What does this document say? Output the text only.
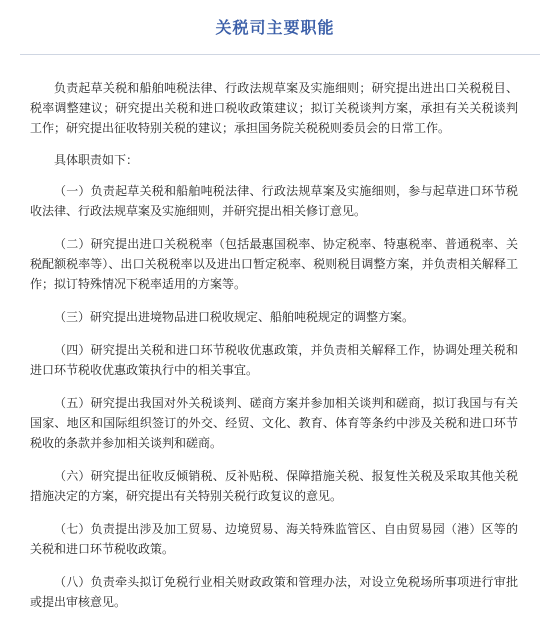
关税司主要职能

负责起草关税和船舶吨税法律、行政法规草案及实施细则；研究提出进出口关税税目、税率调整建议；研究提出关税和进口税收政策建议；拟订关税谈判方案，承担有关关税谈判工作；研究提出征收特别关税的建议；承担国务院关税税则委员会的日常工作。

具体职责如下：

（一）负责起草关税和船舶吨税法律、行政法规草案及实施细则，参与起草进口环节税收法律、行政法规草案及实施细则，并研究提出相关修订意见。

（二）研究提出进口关税税率（包括最惠国税率、协定税率、特惠税率、普通税率、关税配额税率等）、出口关税税率以及进出口暂定税率、税则税目调整方案，并负责相关解释工作；拟订特殊情况下税率适用的方案等。

（三）研究提出进境物品进口税收规定、船舶吨税规定的调整方案。

（四）研究提出关税和进口环节税收优惠政策，并负责相关解释工作，协调处理关税和进口环节税收优惠政策执行中的相关事宜。

（五）研究提出我国对外关税谈判、磋商方案并参加相关谈判和磋商，拟订我国与有关国家、地区和国际组织签订的外交、经贸、文化、教育、体育等条约中涉及关税和进口环节税收的条款并参加相关谈判和磋商。

（六）研究提出征收反倾销税、反补贴税、保障措施关税、报复性关税及采取其他关税措施决定的方案，研究提出有关特别关税行政复议的意见。

（七）负责提出涉及加工贸易、边境贸易、海关特殊监管区、自由贸易园（港）区等的关税和进口环节税收政策。

（八）负责牵头拟订免税行业相关财政政策和管理办法，对设立免税场所事项进行审批或提出审核意见。
